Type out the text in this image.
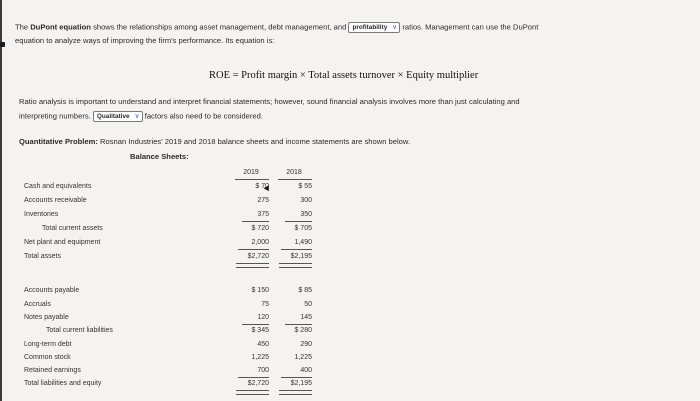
The DuPont equation shows the relationships among asset management, debt management, and profitability ∨ ratios. Management can use the DuPont
equation to analyze ways of improving the firm's performance. Its equation is:
ROE = Profit margin × Total assets turnover × Equity multiplier
Ratio analysis is important to understand and interpret financial statements; however, sound financial analysis involves more than just calculating and
interpreting numbers. Qualitative ∨ factors also need to be considered.
Quantitative Problem: Rosnan Industries' 2019 and 2018 balance sheets and income statements are shown below.
Balance Sheets:
2019	2018
Cash and equivalents	$ 70	$ 55
Accounts receivable	275	300
Inventories	375	350
Total current assets	$ 720	$ 705
Net plant and equipment	2,000	1,490
Total assets	$2,720	$2,195
Accounts payable	$ 150	$ 85
Accruals	75	50
Notes payable	120	145
Total current liabilities	$ 345	$ 280
Long-term debt	450	290
Common stock	1,225	1,225
Retained earnings	700	400
Total liabilities and equity	$2,720	$2,195
